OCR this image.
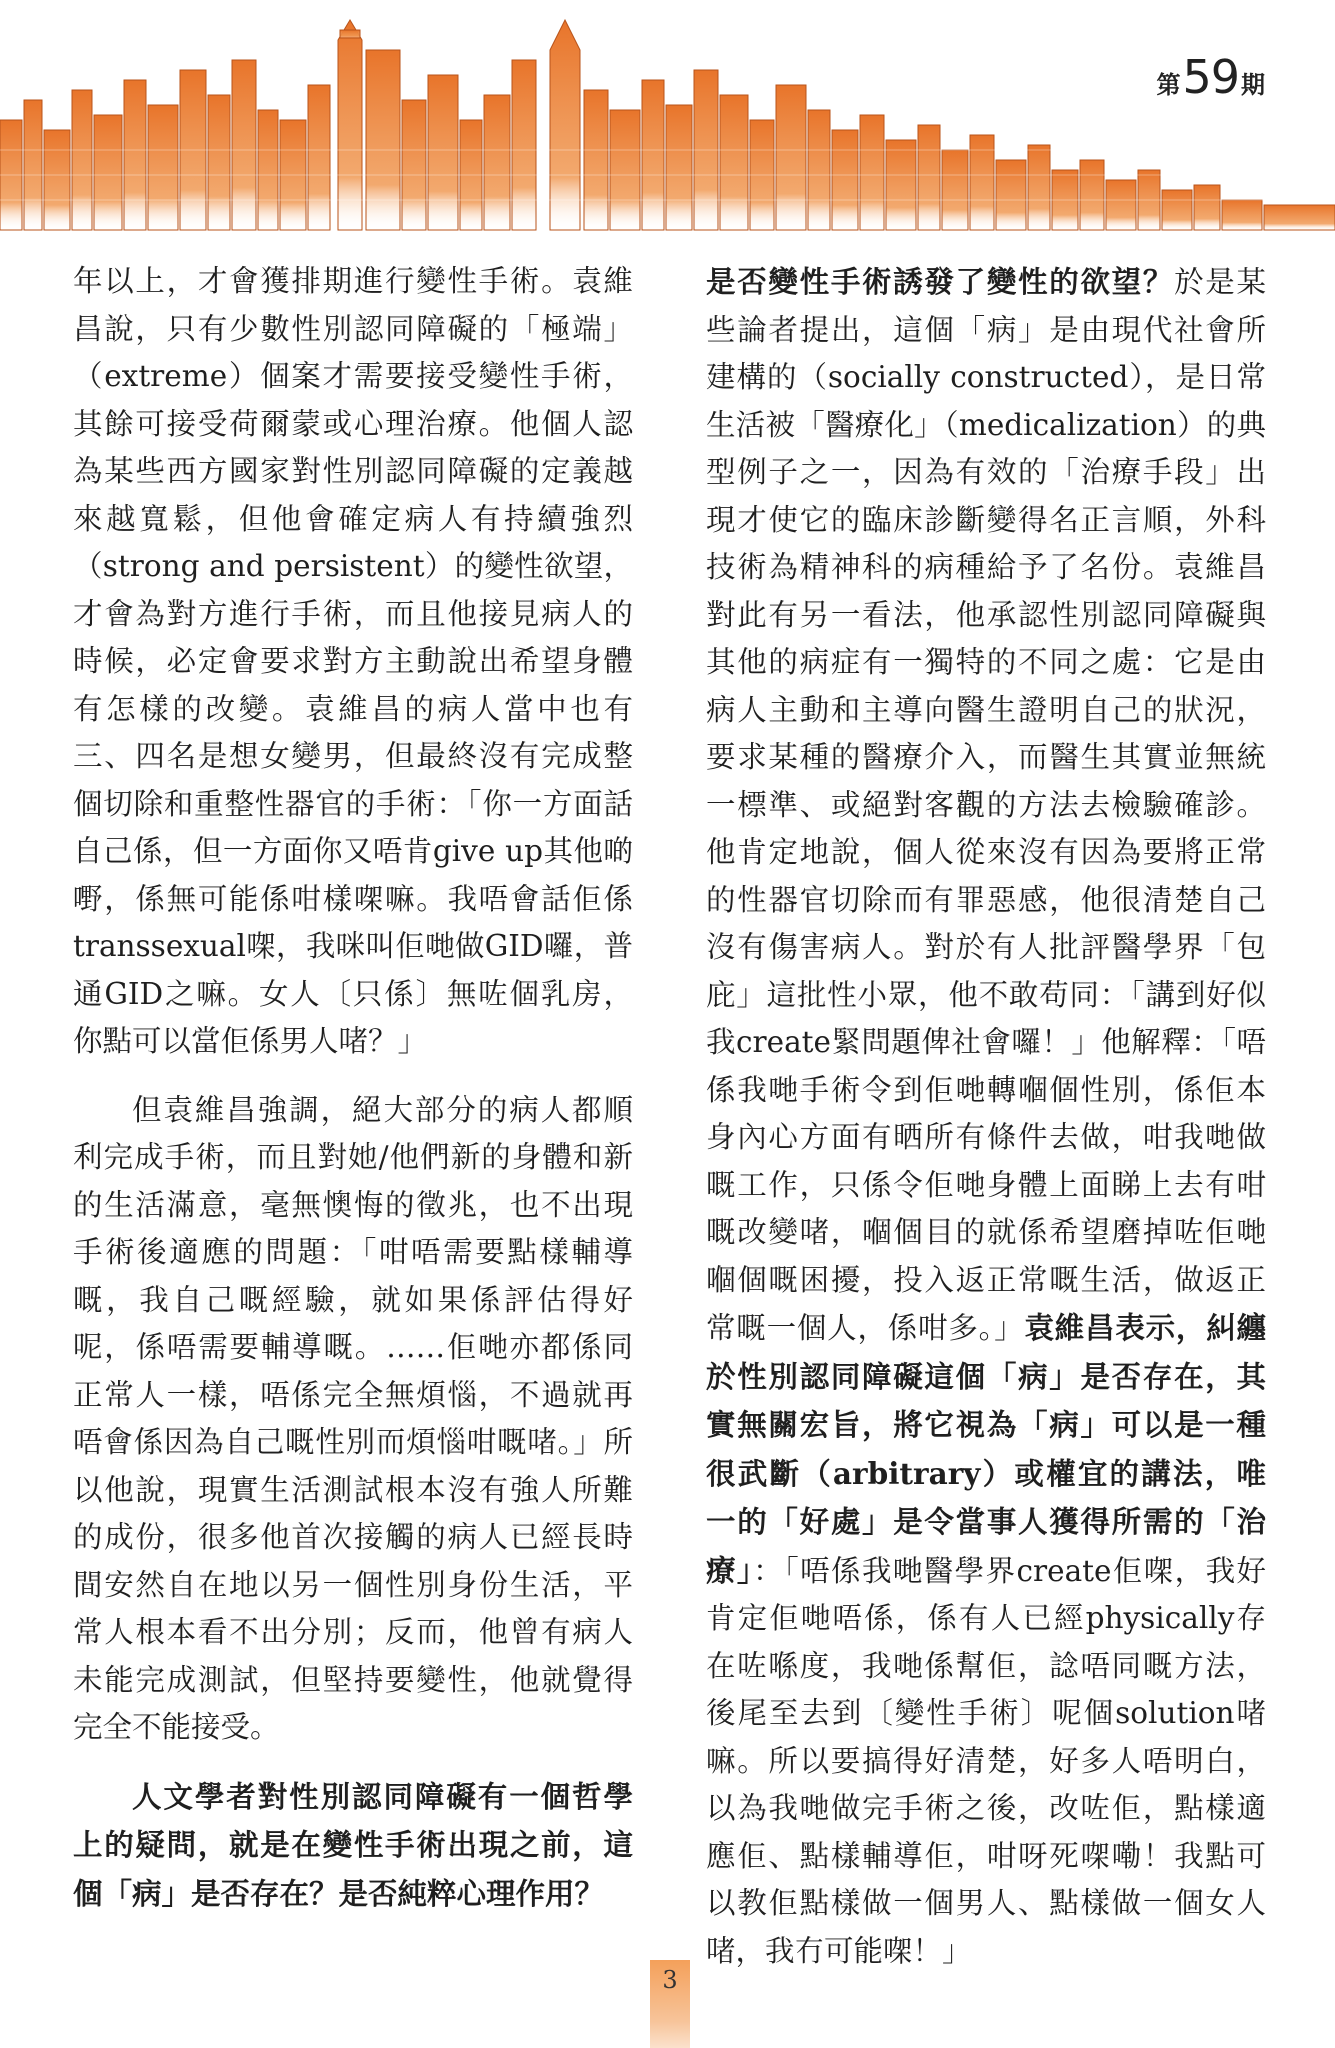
第 59 期

年以上，才會獲排期進行變性手術。袁維昌說，只有少數性別認同障礙的「極端」（extreme）個案才需要接受變性手術，其餘可接受荷爾蒙或心理治療。他個人認為某些西方國家對性別認同障礙的定義越來越寬鬆，但他會確定病人有持續強烈（strong and persistent）的變性欲望，才會為對方進行手術，而且他接見病人的時候，必定會要求對方主動說出希望身體有怎樣的改變。袁維昌的病人當中也有三、四名是想女變男，但最終沒有完成整個切除和重整性器官的手術：「你一方面話自己係，但一方面你又唔肯give up其他啲嘢，係無可能係咁樣㗎嘛。我唔會話佢係transsexual㗎，我咪叫佢哋做GID囉，普通GID之嘛。女人〔只係〕無咗個乳房，你點可以當佢係男人啫？」

但袁維昌強調，絕大部分的病人都順利完成手術，而且對她/他們新的身體和新的生活滿意，毫無懊悔的徵兆，也不出現手術後適應的問題：「咁唔需要點樣輔導嘅，我自己嘅經驗，就如果係評估得好呢，係唔需要輔導嘅。……佢哋亦都係同正常人一樣，唔係完全無煩惱，不過就再唔會係因為自己嘅性別而煩惱咁嘅啫。」所以他說，現實生活測試根本沒有強人所難的成份，很多他首次接觸的病人已經長時間安然自在地以另一個性別身份生活，平常人根本看不出分別；反而，他曾有病人未能完成測試，但堅持要變性，他就覺得完全不能接受。

人文學者對性別認同障礙有一個哲學上的疑問，就是在變性手術出現之前，這個「病」是否存在？是否純粹心理作用？

是否變性手術誘發了變性的欲望？於是某些論者提出，這個「病」是由現代社會所建構的（socially constructed），是日常生活被「醫療化」（medicalization）的典型例子之一，因為有效的「治療手段」出現才使它的臨床診斷變得名正言順，外科技術為精神科的病種給予了名份。袁維昌對此有另一看法，他承認性別認同障礙與其他的病症有一獨特的不同之處：它是由病人主動和主導向醫生證明自己的狀況，要求某種的醫療介入，而醫生其實並無統一標準、或絕對客觀的方法去檢驗確診。他肯定地說，個人從來沒有因為要將正常的性器官切除而有罪惡感，他很清楚自己沒有傷害病人。對於有人批評醫學界「包庇」這批性小眾，他不敢苟同：「講到好似我create緊問題俾社會囉！」他解釋：「唔係我哋手術令到佢哋轉嗰個性別，係佢本身內心方面有晒所有條件去做，咁我哋做嘅工作，只係令佢哋身體上面睇上去有咁嘅改變啫，嗰個目的就係希望磨掉咗佢哋嗰個嘅困擾，投入返正常嘅生活，做返正常嘅一個人，係咁多。」袁維昌表示，糾纏於性別認同障礙這個「病」是否存在，其實無關宏旨，將它視為「病」可以是一種很武斷（arbitrary）或權宜的講法，唯一的「好處」是令當事人獲得所需的「治療」：「唔係我哋醫學界create佢㗎，我好肯定佢哋唔係，係有人已經physically存在咗喺度，我哋係幫佢，諗唔同嘅方法，後尾至去到〔變性手術〕呢個solution啫嘛。所以要搞得好清楚，好多人唔明白，以為我哋做完手術之後，改咗佢，點樣適應佢、點樣輔導佢，咁呀死㗎嘞！我點可以教佢點樣做一個男人、點樣做一個女人啫，我冇可能㗎！」

3
